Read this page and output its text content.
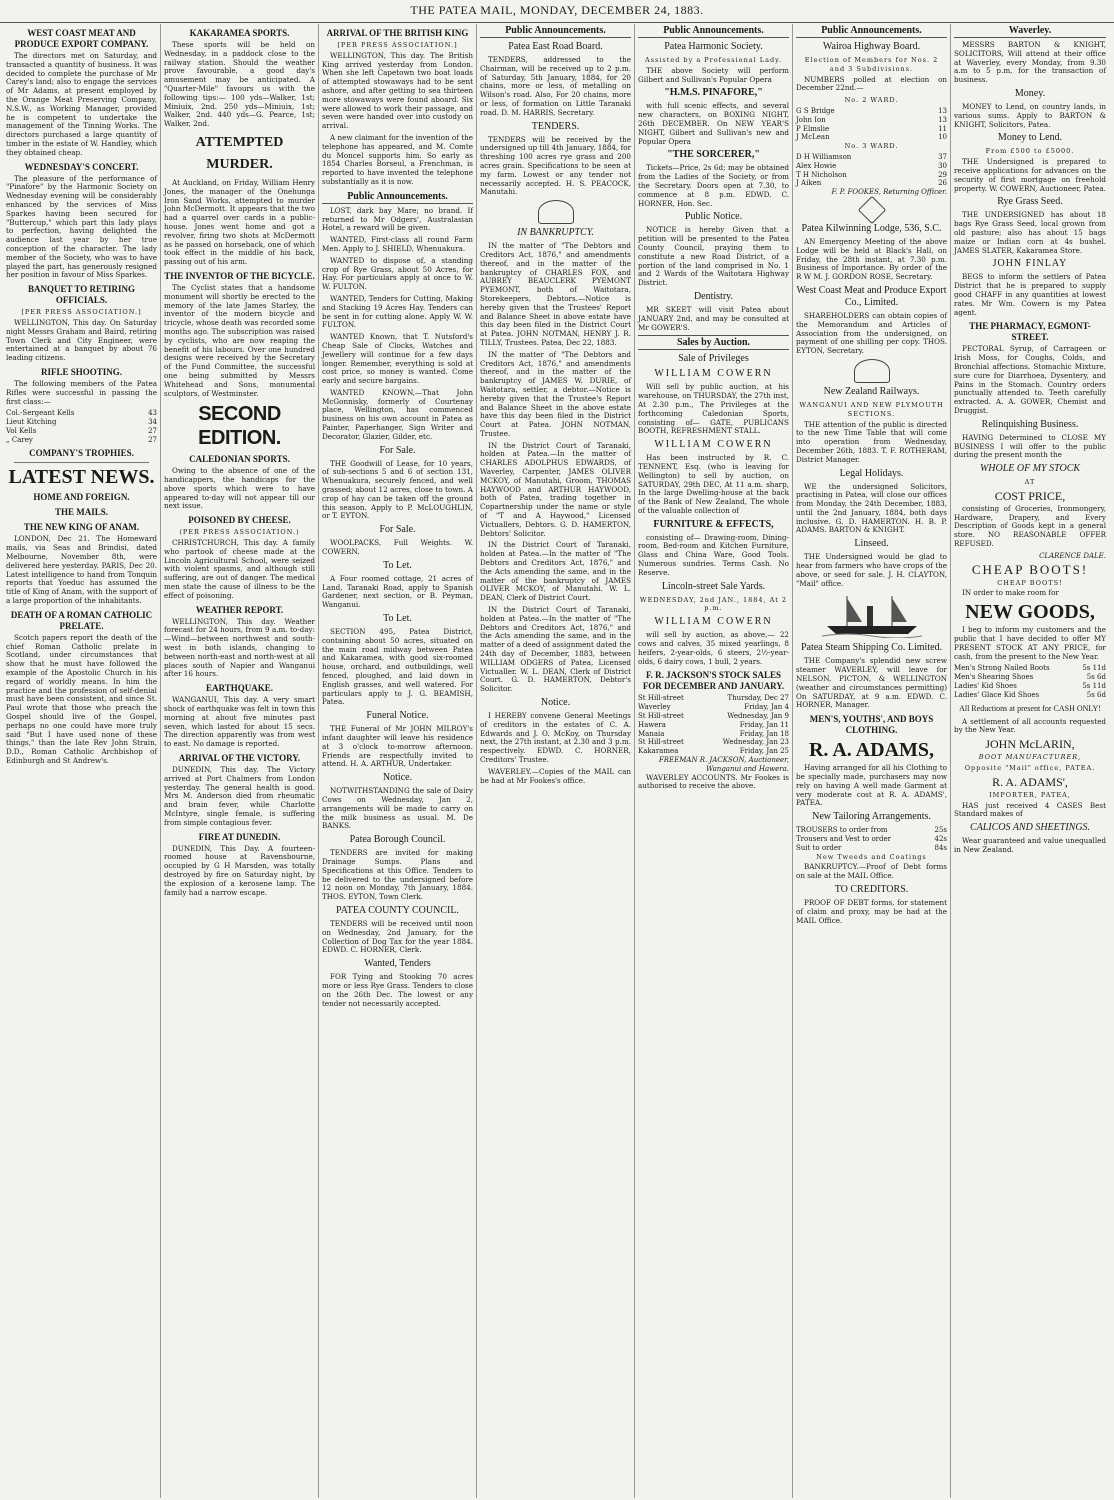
THE PATEA MAIL, MONDAY, DECEMBER 24, 1883.
WEST COAST MEAT AND PRODUCE EXPORT COMPANY.

The directors met on Saturday, and transacted a quantity of business. It was decided to complete the purchase of Mr Carey's land; also to engage the services of Mr Adams, at present employed by the Orange Meat Preserving Company, N.S.W., as Working Manager, provided he is competent to undertake the management of the Tinning Works. The directors purchased a large quantity of timber in the estate of W. Handley, which they obtained cheap.

WEDNESDAY'S CONCERT.

The pleasure of the performance of "Pinafore" by the Harmonic Society on Wednesday evening will be considerably enhanced by the services of Miss Sparkes having been secured for "Buttercup," which part this lady plays to perfection, having delighted the audience last year by her true conception of the character. The lady member of the Society, who was to have played the part, has generously resigned her position in favour of Miss Sparkes.

BANQUET TO RETIRING OFFICIALS.
[PER PRESS ASSOCIATION.]

WELLINGTON, This day. On Saturday night Messrs Graham and Baird, retiring Town Clerk and City Engineer, were entertained at a banquet by about 76 leading citizens.

RIFLE SHOOTING.

The following members of the Patea Rifles were successful in passing the first class:—

Col.-Sergeant Kells	43
Lieut Kitching	34
Vol Kells	27
„ Carey	27
COMPANY'S TROPHIES.
LATEST NEWS.
HOME AND FOREIGN.
THE MAILS.
THE NEW KING OF ANAM.

LONDON, Dec 21. The Homeward mails, via Seas and Brindisi, dated Melbourne, November 8th, were delivered here yesterday. PARIS, Dec 20. Latest intelligence to hand from Tonquin reports that Yoeduc has assumed the title of King of Anam, with the support of a large proportion of the inhabitants.

DEATH OF A ROMAN CATHOLIC PRELATE.

Scotch papers report the death of the chief Roman Catholic prelate in Scotland, under circumstances that show that he must have followed the example of the Apostolic Church in his regard of worldly means. In him the practice and the profession of self-denial must have been consistent, and since St. Paul wrote that those who preach the Gospel should live of the Gospel, perhaps no one could have more truly said "But I have used none of these things," than the late Rev John Strain, D.D., Roman Catholic Archbishop of Edinburgh and St Andrew's.

KAKARAMEA SPORTS.

These sports will be held on Wednesday, in a paddock close to the railway station. Should the weather prove favourable, a good day's amusement may be anticipated. A "Quarter-Mile" favours us with the following tips:— 100 yds—Walker, 1st; Miniuix, 2nd. 250 yds—Miniuix, 1st; Walker, 2nd. 440 yds—G. Pearce, 1st; Walker, 2nd.

ATTEMPTED MURDER.

At Auckland, on Friday, William Henry Jones, the manager of the Onehunga Iron Sand Works, attempted to murder John McDermott. It appears that the two had a quarrel over cards in a public-house. Jones went home and got a revolver, firing two shots at McDermott as he passed on horseback, one of which took effect in the middle of his back, passing out of his arm.

THE INVENTOR OF THE BICYCLE.

The Cyclist states that a handsome monument will shortly be erected to the memory of the late James Starley, the inventor of the modern bicycle and tricycle, whose death was recorded some months ago. The subscription was raised by cyclists, who are now reaping the benefit of his labours. Over one hundred designs were received by the Secretary of the Fund Committee, the successful one being submitted by Messrs Whitehead and Sons, monumental sculptors, of Westminster.

SECOND EDITION.
CALEDONIAN SPORTS.

Owing to the absence of one of the handicappers, the handicaps for the above sports which were to have appeared to-day will not appear till our next issue.

POISONED BY CHEESE.
(PER PRESS ASSOCIATION.)

CHRISTCHURCH, This day. A family who partook of cheese made at the Lincoln Agricultural School, were seized with violent spasms, and although still suffering, are out of danger. The medical men state the cause of illness to be the effect of poisoning.

WEATHER REPORT.

WELLINGTON, This day. Weather forecast for 24 hours, from 9 a.m. to-day:—Wind—between northwest and south-west in both islands, changing to between north-east and north-west at all places south of Napier and Wanganui after 16 hours.

EARTHQUAKE.

WANGANUI, This day. A very smart shock of earthquake was felt in town this morning at about five minutes past seven, which lasted for about 15 secs. The direction apparently was from west to east. No damage is reported.

ARRIVAL OF THE VICTORY.

DUNEDIN, This day. The Victory arrived at Port Chalmers from London yesterday. The general health is good. Mrs M. Anderson died from rheumatic and brain fever, while Charlotte McIntyre, single female, is suffering from simple contagious fever.

FIRE AT DUNEDIN.

DUNEDIN, This Day. A fourteen-roomed house at Ravensbourne, occupied by G H Marsden, was totally destroyed by fire on Saturday night, by the explosion of a kerosene lamp. The family had a narrow escape.

ARRIVAL OF THE BRITISH KING
[PER PRESS ASSOCIATION.]

WELLINGTON, This day. The British King arrived yesterday from London. When she left Capetown two boat loads of attempted stowaways had to be sent ashore, and after getting to sea thirteen more stowaways were found aboard. Six were allowed to work their passage, and seven were handed over into custody on arrival.

A new claimant for the invention of the telephone has appeared, and M. Comte du Moncel supports him. So early as 1854 Charles Borseul, a Frenchman, is reported to have invented the telephone substantially as it is now.

Public Announcements.

LOST, dark bay Mare; no brand. If returned to Mr Odgers', Australasian Hotel, a reward will be given.

WANTED, First-class all round Farm Men. Apply to J. SHIELD, Whenuakura.

WANTED to dispose of, a standing crop of Rye Grass, about 50 Acres, for Hay. For particulars apply at once to W. W. FULTON.

WANTED, Tenders for Cutting, Making and Stacking 19 Acres Hay. Tenders can be sent in for cutting alone. Apply W. W. FULTON.

WANTED Known, that T. Nutsford's Cheap Sale of Clocks, Watches and Jewellery will continue for a few days longer. Remember, everything is sold at cost price, so money is wanted. Come early and secure bargains.

WANTED KNOWN,—That John McGonnisky, formerly of Courtenay place, Wellington, has commenced business on his own account in Patea as Painter, Paperhanger, Sign Writer and Decorator, Glazier, Gilder, etc.

For Sale.

THE Goodwill of Lease, for 10 years, of sub-sections 5 and 6 of section 131, Whenuakura, securely fenced, and well grassed; about 12 acres, close to town. A crop of hay can be taken off the ground this season. Apply to P. McLOUGHLIN, or T. EYTON.

For Sale.

WOOLPACKS, Full Weights. W. COWERN.

To Let.

A Four roomed cottage, 21 acres of Land, Taranaki Road, apply to Spanish Gardener, next section, or B. Peyman, Wanganui.

To Let.

SECTION 495, Patea District, containing about 50 acres, situated on the main road midway between Patea and Kakaramea, with good six-roomed house, orchard, and outbuildings, well fenced, ploughed, and laid down in English grasses, and well watered. For particulars apply to J. G. BEAMISH, Patea.

Funeral Notice.

THE Funeral of Mr JOHN MILROY's infant daughter will leave his residence at 3 o'clock to-morrow afternoon. Friends are respectfully invited to attend. H. A. ARTHUR, Undertaker.

Notice.

NOTWITHSTANDING the sale of Dairy Cows on Wednesday, Jan 2, arrangements will be made to carry on the milk business as usual. M. De BANKS.

Patea Borough Council.

TENDERS are invited for making Drainage Sumps. Plans and Specifications at this Office. Tenders to be delivered to the undersigned before 12 noon on Monday, 7th January, 1884. THOS. EYTON, Town Clerk.

PATEA COUNTY COUNCIL.

TENDERS will be received until noon on Wednesday, 2nd January, for the Collection of Dog Tax for the year 1884. EDWD. C. HORNER, Clerk.

Wanted, Tenders

FOR Tying and Stooking 70 acres more or less Rye Grass. Tenders to close on the 26th Dec. The lowest or any tender not necessarily accepted.

Public Announcements.
Patea East Road Board.

TENDERS, addressed to the Chairman, will be received up to 2 p.m. of Saturday, 5th January, 1884, for 20 chains, more or less, of metalling on Wilson's road. Also, For 20 chains, more or less, of formation on Little Taranaki road. D. M. HARRIS, Secretary.

TENDERS.

TENDERS will be received by the undersigned up till 4th January, 1884, for threshing 100 acres rye grass and 200 acres grain. Specifications to be seen at my farm. Lowest or any tender not necessarily accepted. H. S. PEACOCK, Manutahi.

IN BANKRUPTCY.

IN the matter of "The Debtors and Creditors Act, 1876," and amendments thereof, and in the matter of the bankruptcy of CHARLES FOX, and AUBREY BEAUCLERK PYEMONT PYEMONT, both of Waitotara, Storekeepers, Debtors.—Notice is hereby given that the Trustees' Report and Balance Sheet in above estate have this day been filed in the District Court at Patea. JOHN NOTMAN, HENRY J. R. TILLY, Trustees. Patea, Dec 22, 1883.

IN the matter of "The Debtors and Creditors Act, 1876," and amendments thereof, and in the matter of the bankruptcy of JAMES W. DURIE, of Waitotara, settler, a debtor.—Notice is hereby given that the Trustee's Report and Balance Sheet in the above estate have this day been filed in the District Court at Patea. JOHN NOTMAN, Trustee.

IN the District Court of Taranaki, holden at Patea.—In the matter of CHARLES ADOLPHUS EDWARDS, of Waverley, Carpenter, JAMES OLIVER MCKOY, of Manutahi, Groom, THOMAS HAYWOOD and ARTHUR HAYWOOD, both of Patea, trading together in Copartnership under the name or style of "T and A Haywood," Licensed Victuallers, Debtors. G. D. HAMERTON, Debtors' Solicitor.

IN the District Court of Taranaki, holden at Patea.—In the matter of "The Debtors and Creditors Act, 1876," and the Acts amending the same, and in the matter of the bankruptcy of JAMES OLIVER MCKOY, of Manutahi. W. L. DEAN, Clerk of District Court.

IN the District Court of Taranaki, holden at Patea.—In the matter of "The Debtors and Creditors Act, 1876," and the Acts amending the same, and in the matter of a deed of assignment dated the 24th day of December, 1883, between WILLIAM ODGERS of Patea, Licensed Victualler. W. L. DEAN, Clerk of District Court. G. D. HAMERTON, Debtor's Solicitor.

Notice.

I HEREBY convene General Meetings of creditors in the estates of C. A. Edwards and J. O. McKoy, on Thursday next, the 27th instant, at 2.30 and 3 p.m. respectively. EDWD. C. HORNER, Creditors' Trustee.

WAVERLEY.—Copies of the MAIL can be had at Mr Fookes's office.

Public Announcements.
Patea Harmonic Society.
Assisted by a Professional Lady.

THE above Society will perform Gilbert and Sullivan's Popular Opera

"H.M.S. PINAFORE,"

with full scenic effects, and several new characters, on BOXING NIGHT, 26th DECEMBER. On NEW YEAR'S NIGHT, Gilbert and Sullivan's new and Popular Opera

"THE SORCERER,"

Tickets—Price, 2s 6d; may be obtained from the Ladies of the Society, or from the Secretary. Doors open at 7.30, to commence at 8 p.m. EDWD. C. HORNER, Hon. Sec.

Public Notice.

NOTICE is hereby Given that a petition will be presented to the Patea County Council, praying them to constitute a new Road District, of a portion of the land comprised in No. 1 and 2 Wards of the Waitotara Highway District.

Dentistry.

MR SKEET will visit Patea about JANUARY 2nd, and may be consulted at Mr GOWER'S.

Sales by Auction.
Sale of Privileges
WILLIAM COWERN

Will sell by public auction, at his warehouse, on THURSDAY, the 27th inst, At 2.30 p.m., The Privileges at the forthcoming Caledonian Sports, consisting of— GATE, PUBLICANS BOOTH, REFRESHMENT STALL.

WILLIAM COWERN

Has been instructed by R. C. TENNENT, Esq. (who is leaving for Wellington) to sell by auction, on SATURDAY, 29th DEC, At 11 a.m. sharp, In the large Dwelling-house at the back of the Bank of New Zealand, The whole of the valuable collection of

FURNITURE & EFFECTS,

consisting of— Drawing-room, Dining-room, Bed-room and Kitchen Furniture, Glass and China Ware, Good Tools. Numerous sundries. Terms Cash. No Reserve.

Lincoln-street Sale Yards.
WEDNESDAY, 2nd JAN., 1884, At 2 p.m.
WILLIAM COWERN

will sell by auction, as above,— 22 cows and calves, 35 mixed yearlings, 8 heifers, 2-year-olds, 6 steers, 2½-year-olds, 6 dairy cows, 1 bull, 2 years.

F. R. JACKSON'S STOCK SALES FOR DECEMBER AND JANUARY.
St Hill-street	Thursday, Dec 27
Waverley	Friday, Jan 4
St Hill-street	Wednesday, Jan 9
Hawera	Friday, Jan 11
Manaia	Friday, Jan 18
St Hill-street	Wednesday, Jan 23
Kakaramea	Friday, Jan 25
FREEMAN R. JACKSON, Auctioneer, Wanganui and Hawera.

WAVERLEY ACCOUNTS. Mr Fookes is authorised to receive the above.

Public Announcements.
Wairoa Highway Board.
Election of Members for Nos. 2 and 3 Subdivisions.

NUMBERS polled at election on December 22nd.—

No. 2 WARD.
G S Bridge	13
John Ion	13
P Elmslie	11
J McLean	10
No. 3 WARD.
D H Williamson	37
Alex Howie	30
T H Nicholson	29
J Aiken	26
F. P. FOOKES, Returning Officer.
Patea Kilwinning Lodge, 536, S.C.

AN Emergency Meeting of the above Lodge will be held at Black's Hall, on Friday, the 28th instant, at 7.30 p.m. Business of Importance. By order of the R W M. J. GORDON ROSE, Secretary.

West Coast Meat and Produce Export Co., Limited.

SHAREHOLDERS can obtain copies of the Memorandum and Articles of Association from the undersigned, on payment of one shilling per copy. THOS. EYTON, Secretary.

New Zealand Railways.
WANGANUI AND NEW PLYMOUTH SECTIONS.

THE attention of the public is directed to the new Time Table that will come into operation from Wednesday, December 26th, 1883. T. F. ROTHERAM, District Manager.

Legal Holidays.

WE the undersigned Solicitors, practising in Patea, will close our offices from Monday, the 24th December, 1883, until the 2nd January, 1884, both days inclusive. G. D. HAMERTON. H. B. P. ADAMS. BARTON & KNIGHT.

Linseed.

THE Undersigned would be glad to hear from farmers who have crops of the above, or seed for sale. J. H. CLAYTON, "Mail" office.

Patea Steam Shipping Co. Limited.

THE Company's splendid new screw steamer WAVERLEY, will leave for NELSON, PICTON, & WELLINGTON (weather and circumstances permitting) On SATURDAY, at 9 a.m. EDWD. C. HORNER, Manager.

MEN'S, YOUTHS', AND BOYS CLOTHING.
R. A. ADAMS,

Having arranged for all his Clothing to be specially made, purchasers may now rely on having A well made Garment at very moderate cost at R. A. ADAMS', PATEA.

New Tailoring Arrangements.
TROUSERS to order from	25s
Trousers and Vest to order	42s
Suit to order	84s
New Tweeds and Coatings

BANKRUPTCY.—Proof of Debt forms on sale at the MAIL Office.

TO CREDITORS.

PROOF OF DEBT forms, for statement of claim and proxy, may be had at the MAIL Office.

Waverley.

MESSRS BARTON & KNIGHT, SOLICITORS, Will attend at their office at Waverley, every Monday, from 9.30 a.m to 5 p.m, for the transaction of business.

Money.

MONEY to Lend, on country lands, in various sums. Apply to BARTON & KNIGHT, Solicitors, Patea.

Money to Lend.
From £500 to £5000.

THE Undersigned is prepared to receive applications for advances on the security of first mortgage on freehold property. W. COWERN, Auctioneer, Patea.

Rye Grass Seed.

THE UNDERSIGNED has about 18 bags Rye Grass Seed, local grown from old pasture; also has about 15 bags maize or Indian corn at 4s bushel. JAMES SLATER, Kakaramea Store.

JOHN FINLAY

BEGS to inform the settlers of Patea District that he is prepared to supply good CHAFF in any quantities at lowest rates. Mr Wm. Cowern is my Patea agent.

THE PHARMACY, EGMONT-STREET.

PECTORAL Syrup, of Carrageen or Irish Moss, for Coughs, Colds, and Bronchial affections. Stomachic Mixture, sure cure for Diarrhoea, Dysentery, and Pains in the Stomach. Country orders punctually attended to. Teeth carefully extracted. A. A. GOWER, Chemist and Druggist.

Relinquishing Business.

HAVING Determined to CLOSE MY BUSINESS I will offer to the public during the present month the

WHOLE OF MY STOCK
AT
COST PRICE,

consisting of Groceries, Ironmongery, Hardware, Drapery, and Every Description of Goods kept in a general store. NO REASONABLE OFFER REFUSED.

CLARENCE DALE.
CHEAP BOOTS!
CHEAP BOOTS!

IN order to make room for

NEW GOODS,

I beg to inform my customers and the public that I have decided to offer MY PRESENT STOCK AT ANY PRICE, for cash, from the present to the New Year.

Men's Strong Nailed Boots	5s 11d
Men's Shearing Shoes	5s 6d
Ladies' Kid Shoes	5s 11d
Ladies' Glace Kid Shoes	5s 6d
All Reductions at present for CASH ONLY!

A settlement of all accounts requested by the New Year.

JOHN McLARIN,
BOOT MANUFACTURER,
Opposite "Mail" office, PATEA.
R. A. ADAMS',
IMPORTER, PATEA,

HAS just received 4 CASES Best Standard makes of

CALICOS AND SHEETINGS.

Wear guaranteed and value unequalled in New Zealand.
